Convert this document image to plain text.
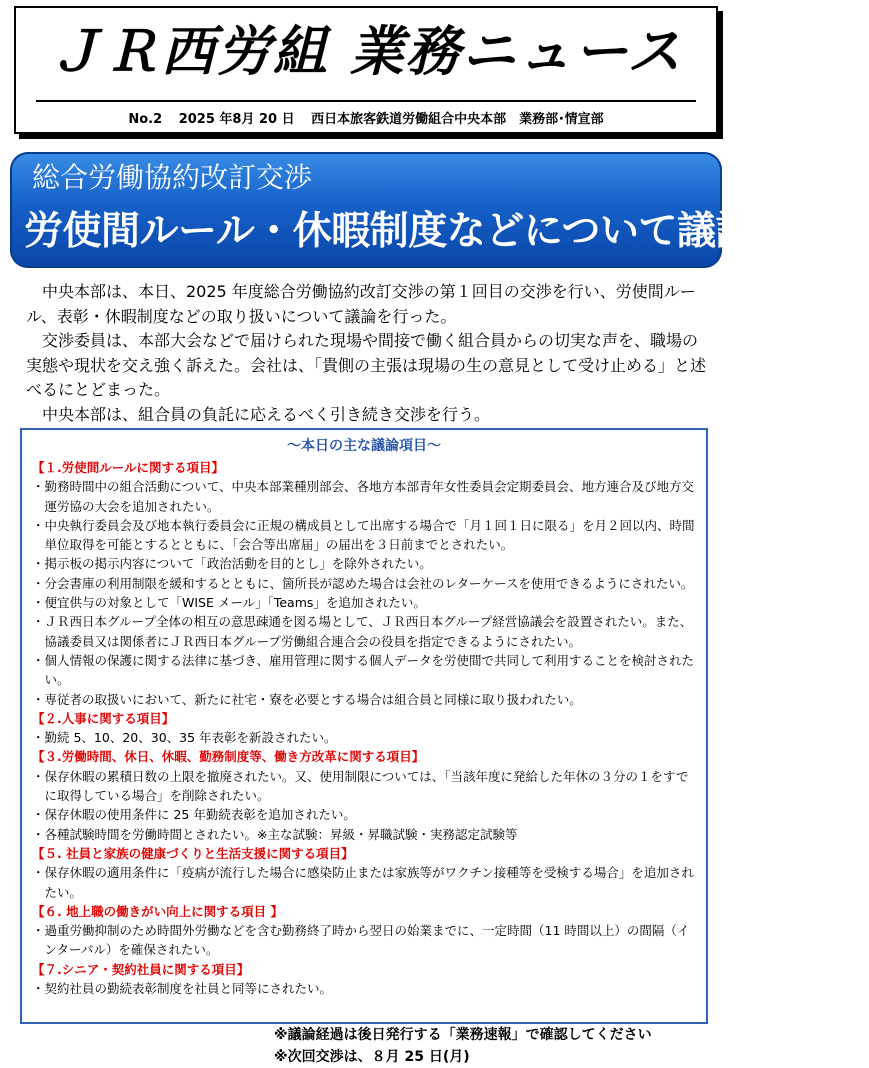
ＪＲ西労組 業務ニュース
No.2 2025 年8月 20 日 西日本旅客鉄道労働組合中央本部　業務部･情宣部
総合労働協約改訂交渉
労使間ルール・休暇制度などについて議論する！

中央本部は、本日、2025 年度総合労働協約改訂交渉の第１回目の交渉を行い、労使間ルール、表彰・休暇制度などの取り扱いについて議論を行った。

交渉委員は、本部大会などで届けられた現場や間接で働く組合員からの切実な声を、職場の実態や現状を交え強く訴えた。会社は、「貴側の主張は現場の生の意見として受け止める」と述べるにとどまった。

中央本部は、組合員の負託に応えるべく引き続き交渉を行う。

～本日の主な議論項目～
【１.労使間ルールに関する項目】
・勤務時間中の組合活動について、中央本部業種別部会、各地方本部青年女性委員会定期委員会、地方連合及び地方交運労協の大会を追加されたい。
・中央執行委員会及び地本執行委員会に正規の構成員として出席する場合で「月１回１日に限る」を月２回以内、時間単位取得を可能とするとともに、「会合等出席届」の届出を３日前までとされたい。
・掲示板の掲示内容について「政治活動を目的とし」を除外されたい。
・分会書庫の利用制限を緩和するとともに、箇所長が認めた場合は会社のレターケースを使用できるようにされたい。
・便宜供与の対象として「WISE メール」「Teams」を追加されたい。
・ＪＲ西日本グループ全体の相互の意思疎通を図る場として、ＪＲ西日本グループ経営協議会を設置されたい。また、協議委員又は関係者にＪＲ西日本グループ労働組合連合会の役員を指定できるようにされたい。
・個人情報の保護に関する法律に基づき、雇用管理に関する個人データを労使間で共同して利用することを検討されたい。
・専従者の取扱いにおいて、新たに社宅・寮を必要とする場合は組合員と同様に取り扱われたい。
【２.人事に関する項目】
・勤続 5、10、20、30、35 年表彰を新設されたい。
【３.労働時間、休日、休暇、勤務制度等、働き方改革に関する項目】
・保存休暇の累積日数の上限を撤廃されたい。又、使用制限については、「当該年度に発給した年休の３分の１をすでに取得している場合」を削除されたい。
・保存休暇の使用条件に 25 年勤続表彰を追加されたい。
・各種試験時間を労働時間とされたい。※主な試験：昇級・昇職試験・実務認定試験等
【５. 社員と家族の健康づくりと生活支援に関する項目】
・保存休暇の適用条件に「疫病が流行した場合に感染防止または家族等がワクチン接種等を受検する場合」を追加されたい。
【６. 地上職の働きがい向上に関する項目 】
・過重労働抑制のため時間外労働などを含む勤務終了時から翌日の始業までに、一定時間（11 時間以上）の間隔（インターバル）を確保されたい。
【７.シニア・契約社員に関する項目】
・契約社員の勤続表彰制度を社員と同等にされたい。
※議論経過は後日発行する「業務速報」で確認してください
※次回交渉は、８月 25 日(月)
